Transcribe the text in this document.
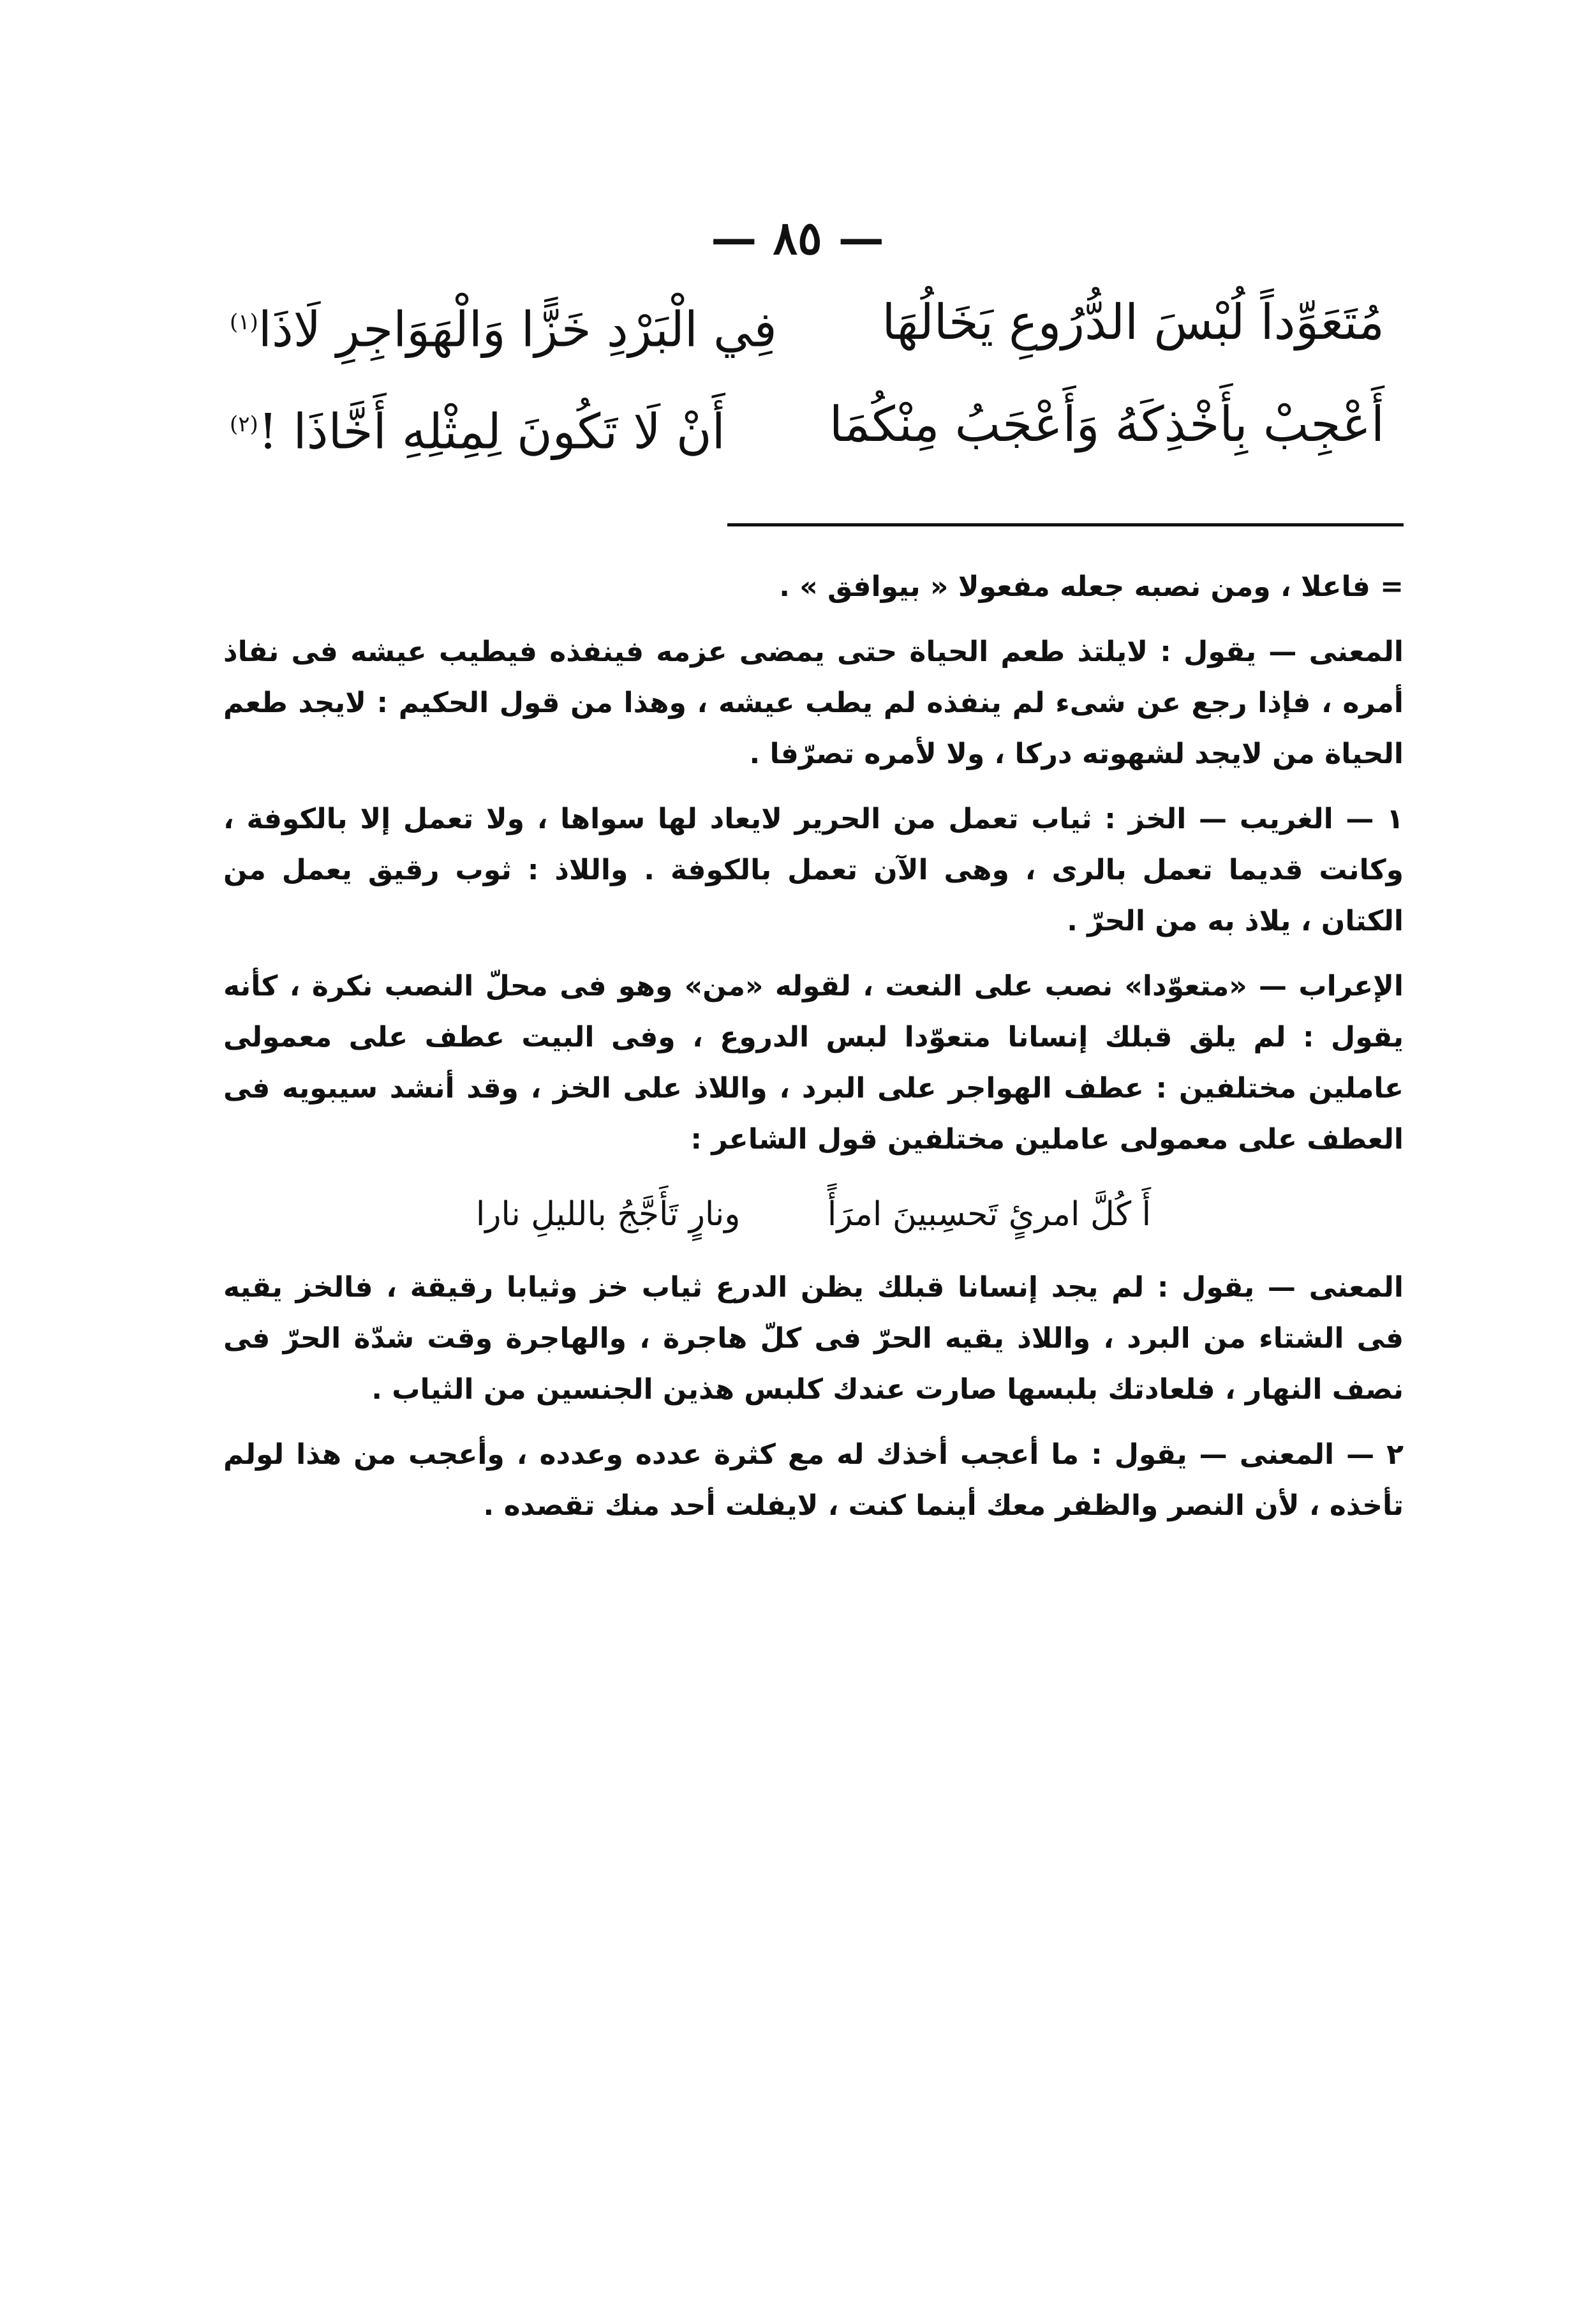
— ٨٥ —
مُتَعَوِّداً لُبْسَ الدُّرُوعِ يَخَالُهَا
فِي الْبَرْدِ خَزًّا وَالْهَوَاجِرِ لَاذَا$^{(١)}$
أَعْجِبْ بِأَخْذِكَهُ وَأَعْجَبُ مِنْكُمَا
أَنْ لَا تَكُونَ لِمِثْلِهِ أَخَّاذَا !$^{(٢)}$

= فاعلا ، ومن نصبه جعله مفعولا « بيوافق » .

المعنى — يقول : لايلتذ طعم الحياة حتى يمضى عزمه فينفذه فيطيب عيشه فى نفاذ أمره ، فإذا رجع عن شىء لم ينفذه لم يطب عيشه ، وهذا من قول الحكيم : لايجد طعم الحياة من لايجد لشهوته دركا ، ولا لأمره تصرّفا .

١ — الغريب — الخز : ثياب تعمل من الحرير لايعاد لها سواها ، ولا تعمل إلا بالكوفة ، وكانت قديما تعمل بالرى ، وهى الآن تعمل بالكوفة . واللاذ : ثوب رقيق يعمل من الكتان ، يلاذ به من الحرّ .

الإعراب — «متعوّدا» نصب على النعت ، لقوله «من» وهو فى محلّ النصب نكرة ، كأنه يقول : لم يلق قبلك إنسانا متعوّدا لبس الدروع ، وفى البيت عطف على معمولى عاملين مختلفين : عطف الهواجر على البرد ، واللاذ على الخز ، وقد أنشد سيبويه فى العطف على معمولى عاملين مختلفين قول الشاعر :

أَ كُلَّ امرئٍ تَحسِبينَ امرَأً ونارٍ تَأَجَّجُ بالليلِ نارا

المعنى — يقول : لم يجد إنسانا قبلك يظن الدرع ثياب خز وثيابا رقيقة ، فالخز يقيه فى الشتاء من البرد ، واللاذ يقيه الحرّ فى كلّ هاجرة ، والهاجرة وقت شدّة الحرّ فى نصف النهار ، فلعادتك بلبسها صارت عندك كلبس هذين الجنسين من الثياب .

٢ — المعنى — يقول : ما أعجب أخذك له مع كثرة عدده وعدده ، وأعجب من هذا لولم تأخذه ، لأن النصر والظفر معك أينما كنت ، لايفلت أحد منك تقصده .
